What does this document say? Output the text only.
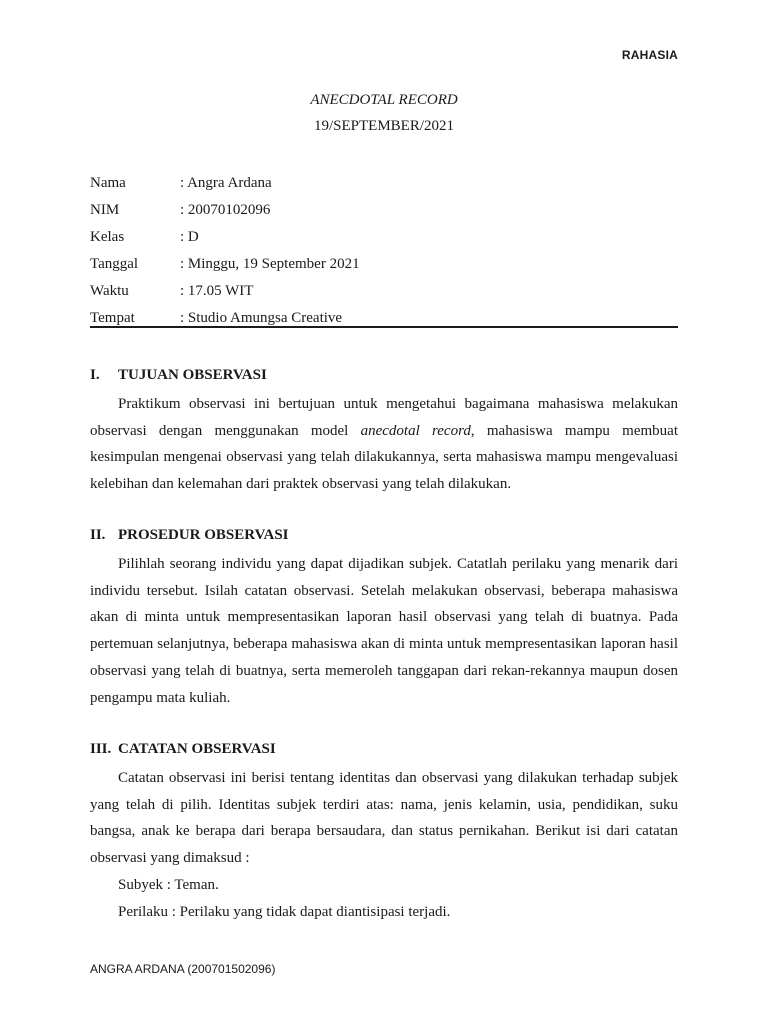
RAHASIA
ANECDOTAL RECORD
19/SEPTEMBER/2021
Nama	: Angra Ardana
NIM	: 20070102096
Kelas	: D
Tanggal	: Minggu, 19 September 2021
Waktu	: 17.05 WIT
Tempat	: Studio Amungsa Creative
I.	TUJUAN OBSERVASI

Praktikum observasi ini bertujuan untuk mengetahui bagaimana mahasiswa melakukan observasi dengan menggunakan model anecdotal record, mahasiswa mampu membuat kesimpulan mengenai observasi yang telah dilakukannya, serta mahasiswa mampu mengevaluasi kelebihan dan kelemahan dari praktek observasi yang telah dilakukan.

II. PROSEDUR OBSERVASI

Pilihlah seorang individu yang dapat dijadikan subjek. Catatlah perilaku yang menarik dari individu tersebut. Isilah catatan observasi. Setelah melakukan observasi, beberapa mahasiswa akan di minta untuk mempresentasikan laporan hasil observasi yang telah di buatnya. Pada pertemuan selanjutnya, beberapa mahasiswa akan di minta untuk mempresentasikan laporan hasil observasi yang telah di buatnya, serta memeroleh tanggapan dari rekan-rekannya maupun dosen pengampu mata kuliah.

III. CATATAN OBSERVASI

Catatan observasi ini berisi tentang identitas dan observasi yang dilakukan terhadap subjek yang telah di pilih. Identitas subjek terdiri atas: nama, jenis kelamin, usia, pendidikan, suku bangsa, anak ke berapa dari berapa bersaudara, dan status pernikahan. Berikut isi dari catatan observasi yang dimaksud :

Subyek : Teman.

Perilaku : Perilaku yang tidak dapat diantisipasi terjadi.

ANGRA ARDANA (200701502096)
